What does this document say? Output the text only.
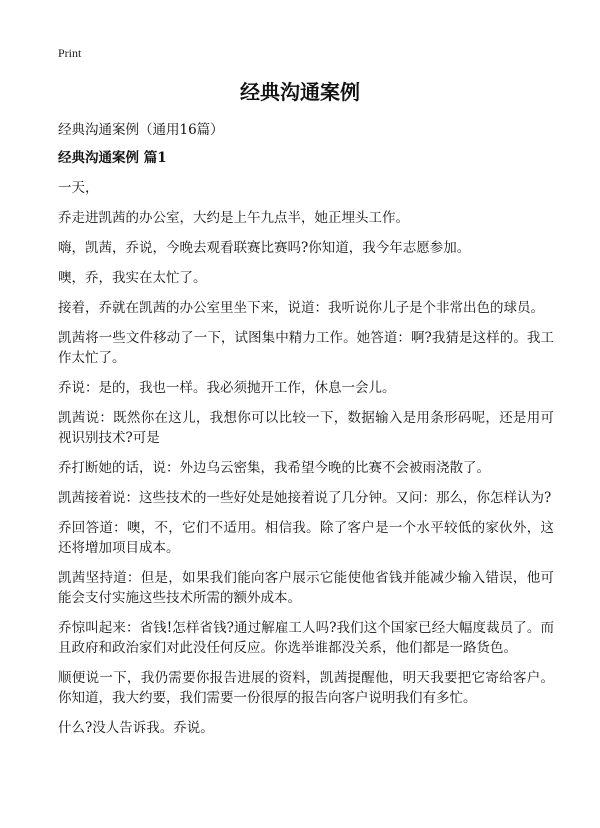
Print
经典沟通案例

经典沟通案例（通用16篇）

经典沟通案例 篇1

一天，

乔走进凯茜的办公室，大约是上午九点半，她正埋头工作。

嗨，凯茜，乔说，今晚去观看联赛比赛吗?你知道，我今年志愿参加。

噢，乔，我实在太忙了。

接着，乔就在凯茜的办公室里坐下来，说道：我听说你儿子是个非常出色的球员。

凯茜将一些文件移动了一下，试图集中精力工作。她答道：啊?我猜是这样的。我工作太忙了。

乔说：是的，我也一样。我必须抛开工作，休息一会儿。

凯茜说：既然你在这儿，我想你可以比较一下，数据输入是用条形码呢，还是用可视识别技术?可是

乔打断她的话，说：外边乌云密集，我希望今晚的比赛不会被雨浇散了。

凯茜接着说：这些技术的一些好处是她接着说了几分钟。又问：那么，你怎样认为?

乔回答道：噢，不，它们不适用。相信我。除了客户是一个水平较低的家伙外，这还将增加项目成本。

凯茜坚持道：但是，如果我们能向客户展示它能使他省钱并能减少输入错误，他可能会支付实施这些技术所需的额外成本。

乔惊叫起来：省钱!怎样省钱?通过解雇工人吗?我们这个国家已经大幅度裁员了。而且政府和政治家们对此没任何反应。你选举谁都没关系，他们都是一路货色。

顺便说一下，我仍需要你报告进展的资料，凯茜提醒他，明天我要把它寄给客户。你知道，我大约要，我们需要一份很厚的报告向客户说明我们有多忙。

什么?没人告诉我。乔说。
